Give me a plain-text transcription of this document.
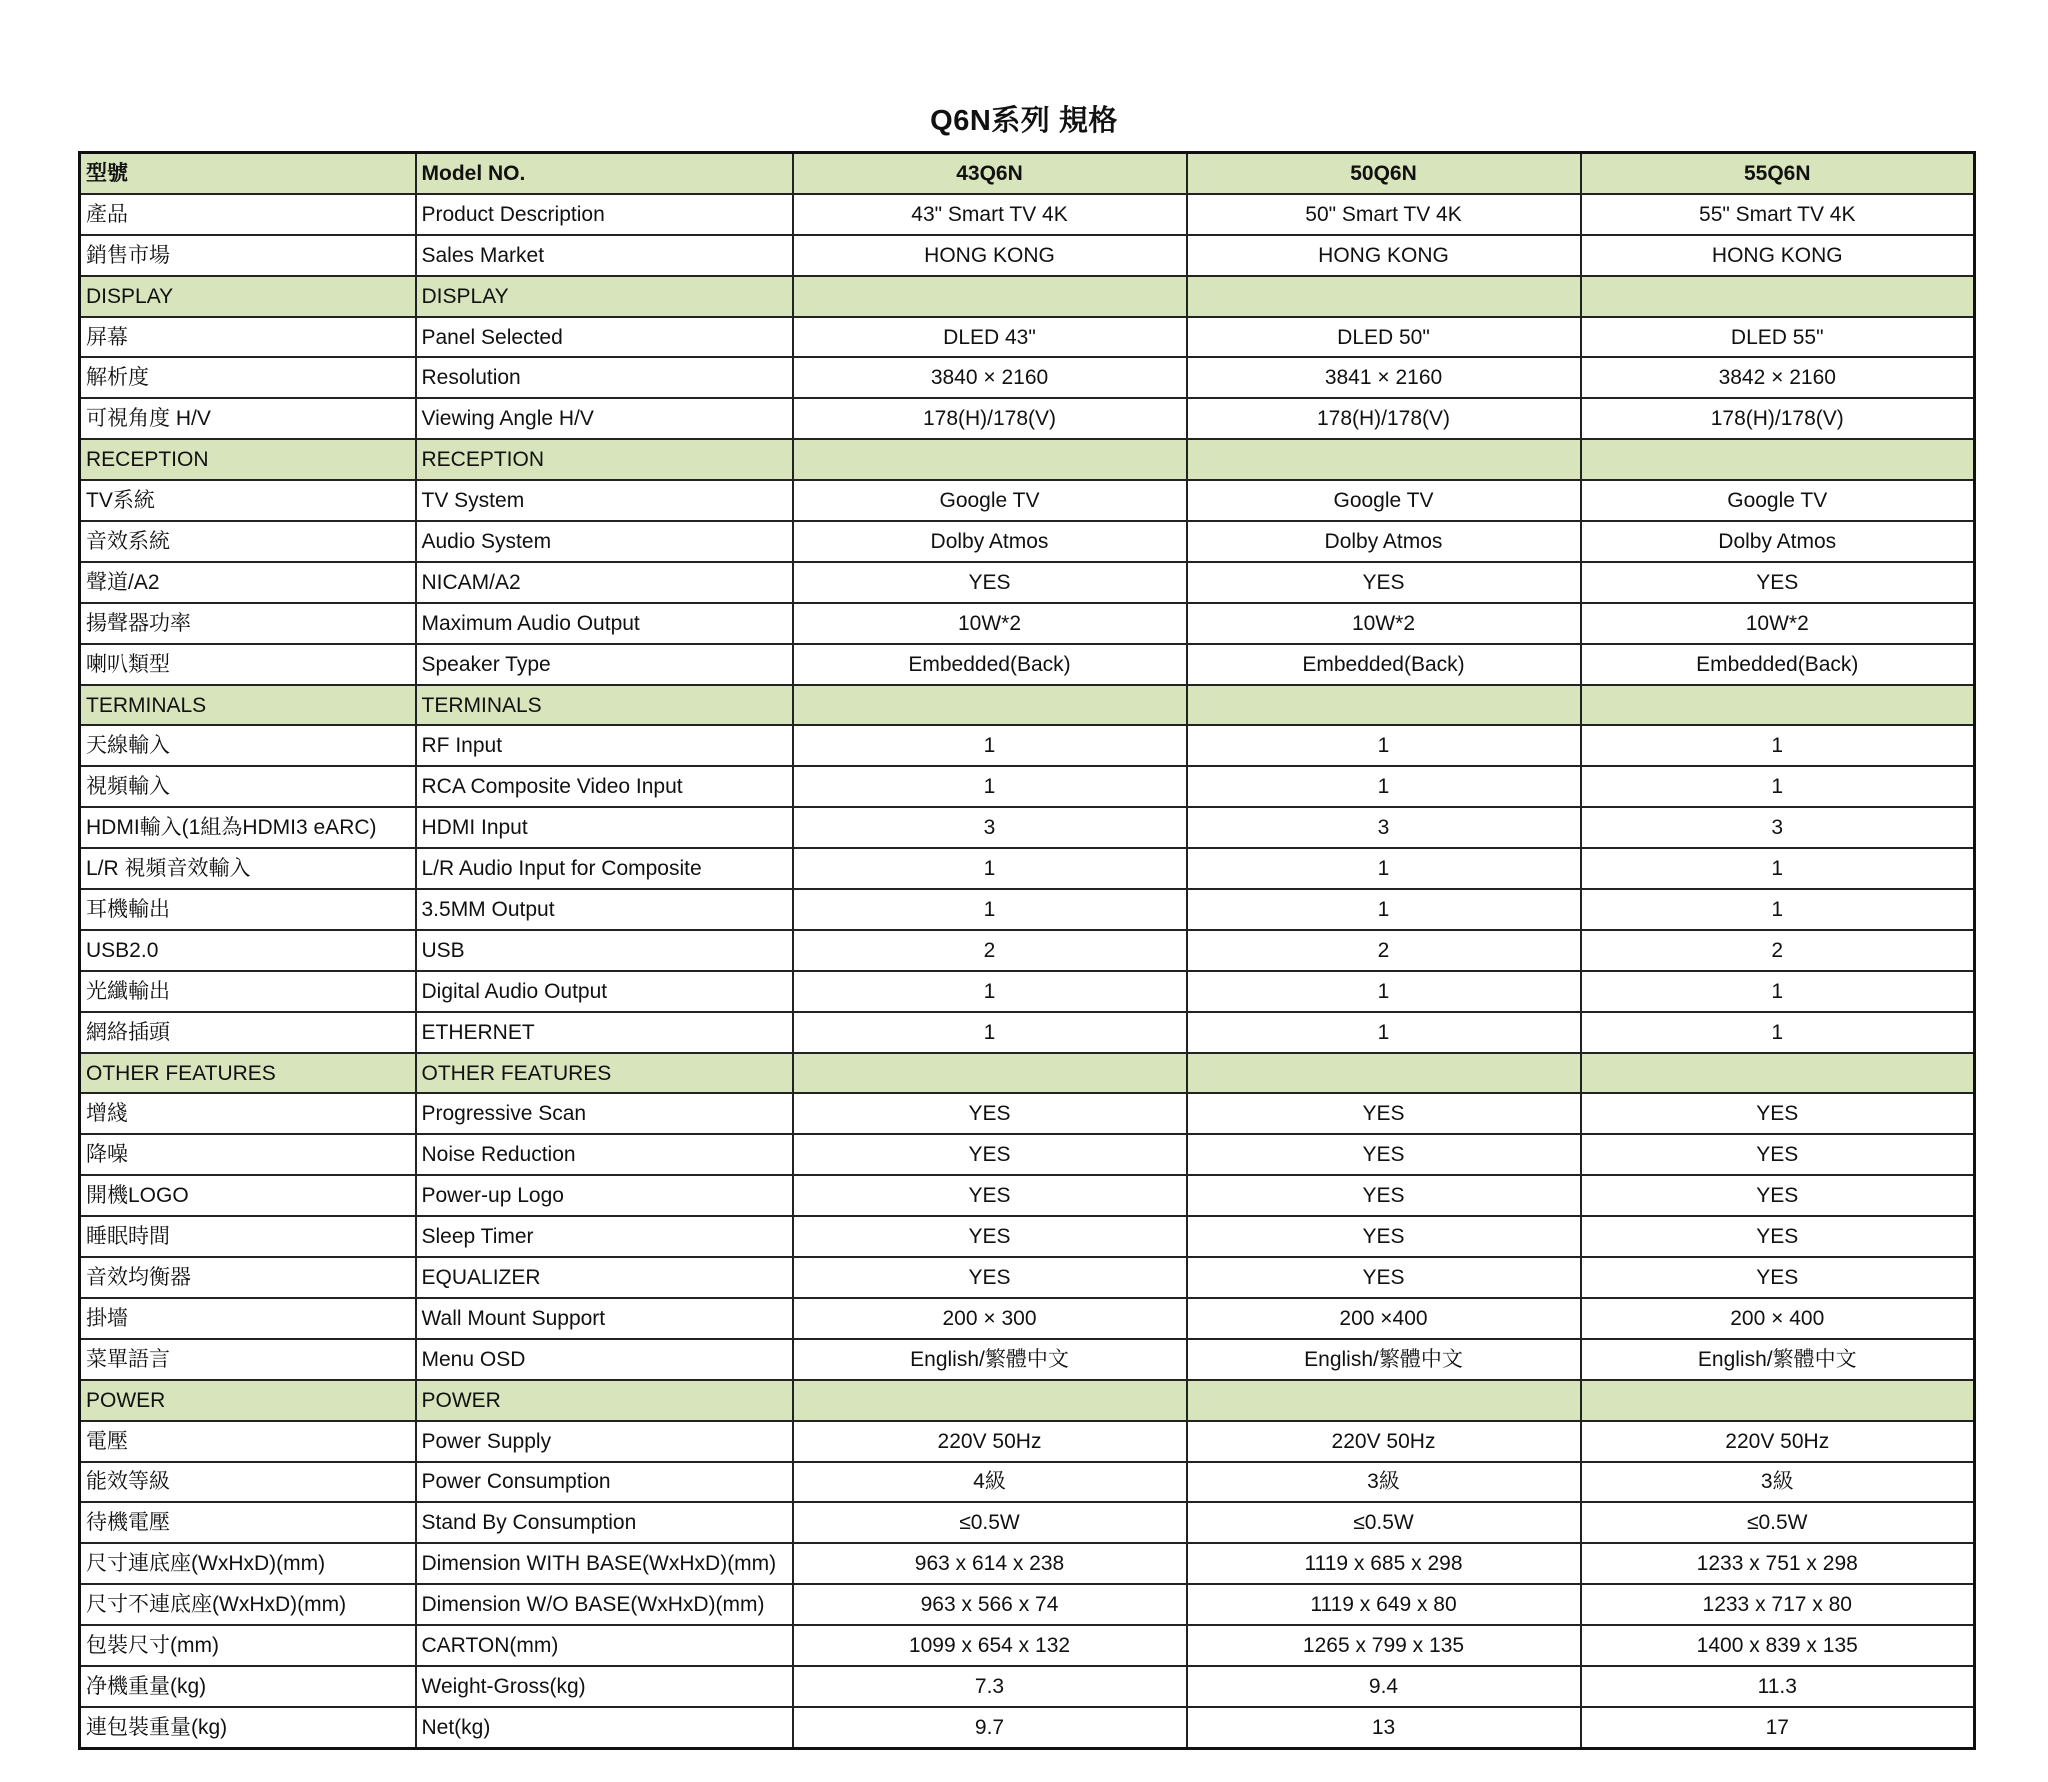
Q6N系列 規格
型號	Model NO.	43Q6N	50Q6N	55Q6N
產品	Product Description	43" Smart TV 4K	50" Smart TV 4K	55" Smart TV 4K
銷售市場	Sales Market	HONG KONG	HONG KONG	HONG KONG
DISPLAY	DISPLAY			
屏幕	Panel Selected	DLED 43"	DLED 50"	DLED 55"
解析度	Resolution	3840 × 2160	3841 × 2160	3842 × 2160
可視角度 H/V	Viewing Angle H/V	178(H)/178(V)	178(H)/178(V)	178(H)/178(V)
RECEPTION	RECEPTION			
TV系統	TV System	Google TV	Google TV	Google TV
音效系統	Audio System	Dolby Atmos	Dolby Atmos	Dolby Atmos
聲道/A2	NICAM/A2	YES	YES	YES
揚聲器功率	Maximum Audio Output	10W*2	10W*2	10W*2
喇叭類型	Speaker Type	Embedded(Back)	Embedded(Back)	Embedded(Back)
TERMINALS	TERMINALS			
天線輸入	RF Input	1	1	1
視頻輸入	RCA Composite Video Input	1	1	1
HDMI輸入(1組為HDMI3 eARC)	HDMI Input	3	3	3
L/R 視頻音效輸入	L/R Audio Input for Composite	1	1	1
耳機輸出	3.5MM Output	1	1	1
USB2.0	USB	2	2	2
光纖輸出	Digital Audio Output	1	1	1
網絡插頭	ETHERNET	1	1	1
OTHER FEATURES	OTHER FEATURES			
增綫	Progressive Scan	YES	YES	YES
降噪	Noise Reduction	YES	YES	YES
開機LOGO	Power-up Logo	YES	YES	YES
睡眠時間	Sleep Timer	YES	YES	YES
音效均衡器	EQUALIZER	YES	YES	YES
掛墻	Wall Mount Support	200 × 300	200 ×400	200 × 400
菜單語言	Menu OSD	English/繁體中文	English/繁體中文	English/繁體中文
POWER	POWER			
電壓	Power Supply	220V 50Hz	220V 50Hz	220V 50Hz
能效等級	Power Consumption	4級	3級	3級
待機電壓	Stand By Consumption	≤0.5W	≤0.5W	≤0.5W
尺寸連底座(WxHxD)(mm)	Dimension WITH BASE(WxHxD)(mm)	963 x 614 x 238	1119 x 685 x 298	1233 x 751 x 298
尺寸不連底座(WxHxD)(mm)	Dimension W/O BASE(WxHxD)(mm)	963 x 566 x 74	1119 x 649 x 80	1233 x 717 x 80
包裝尺寸(mm)	CARTON(mm)	1099 x 654 x 132	1265 x 799 x 135	1400 x 839 x 135
净機重量(kg)	Weight-Gross(kg)	7.3	9.4	11.3
連包裝重量(kg)	Net(kg)	9.7	13	17
